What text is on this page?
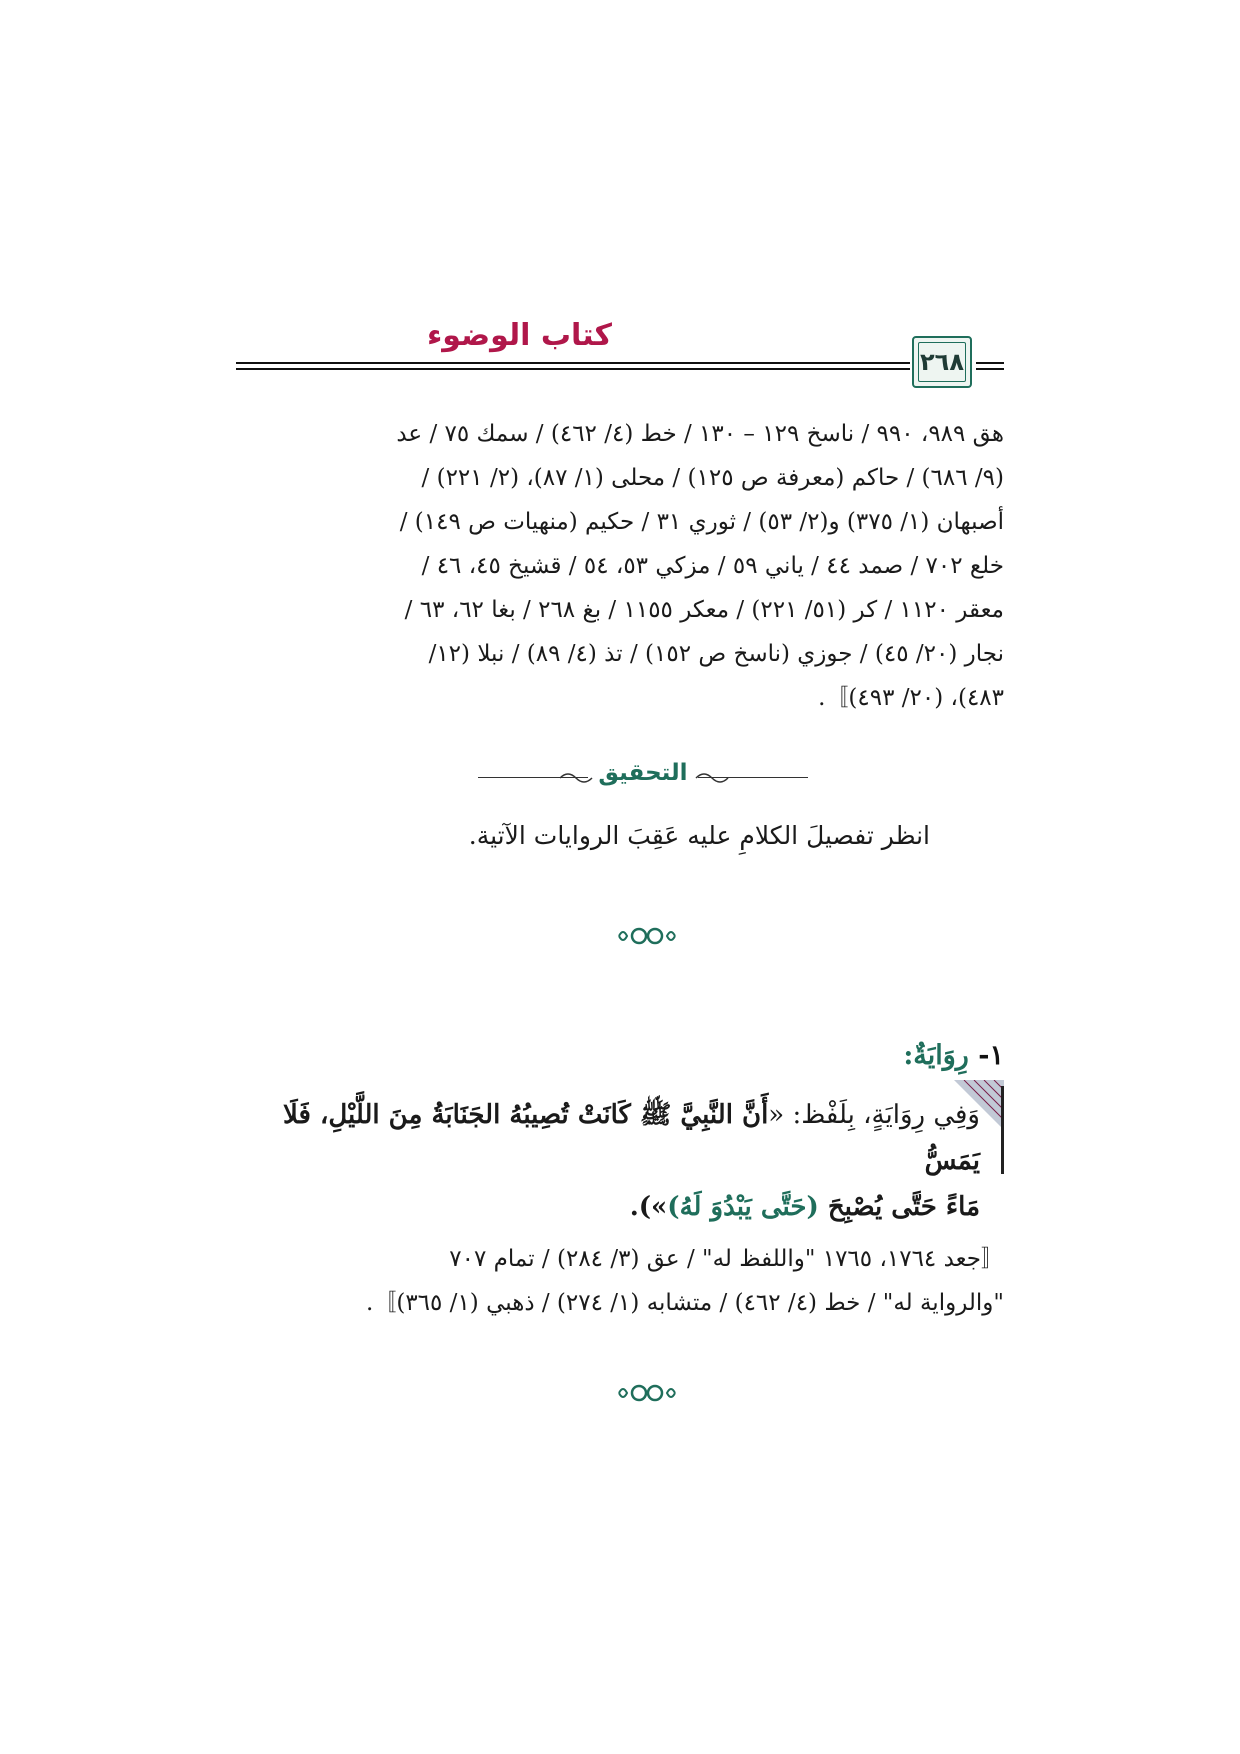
كتاب الوضوء
٢٦٨
هق ٩٨٩، ٩٩٠ / ناسخ ١٢٩ – ١٣٠ / خط (٤/ ٤٦٢) / سمك ٧٥ / عد
(٩/ ٦٨٦) / حاكم (معرفة ص ١٢٥) / محلى (١/ ٨٧)، (٢/ ٢٢١) /
أصبهان (١/ ٣٧٥) و(٢/ ٥٣) / ثوري ٣١ / حكيم (منهيات ص ١٤٩) /
خلع ٧٠٢ / صمد ٤٤ / ياني ٥٩ / مزكي ٥٣، ٥٤ / قشيخ ٤٥، ٤٦ /
معقر ١١٢٠ / كر (٥١/ ٢٢١) / معكر ١١٥٥ / بغ ٢٦٨ / بغا ٦٢، ٦٣ /
نجار (٢٠/ ٤٥) / جوزي (ناسخ ص ١٥٢) / تذ (٤/ ٨٩) / نبلا (١٢/
٤٨٣)، (٢٠/ ٤٩٣)〛.
التحقيق
انظر تفصيلَ الكلامِ عليه عَقِبَ الروايات الآتية.
١- رِوَايَةٌ:
وَفِي رِوَايَةٍ، بِلَفْظ: «أَنَّ النَّبِيَّ ﷺ كَانَتْ تُصِيبُهُ الجَنَابَةُ مِنَ اللَّيْلِ، فَلَا يَمَسُّ
مَاءً حَتَّى يُصْبِحَ (حَتَّى يَبْدُوَ لَهُ)»).
〚جعد ١٧٦٤، ١٧٦٥ "واللفظ له" / عق (٣/ ٢٨٤) / تمام ٧٠٧
"والرواية له" / خط (٤/ ٤٦٢) / متشابه (١/ ٢٧٤) / ذهبي (١/ ٣٦٥)〛.
